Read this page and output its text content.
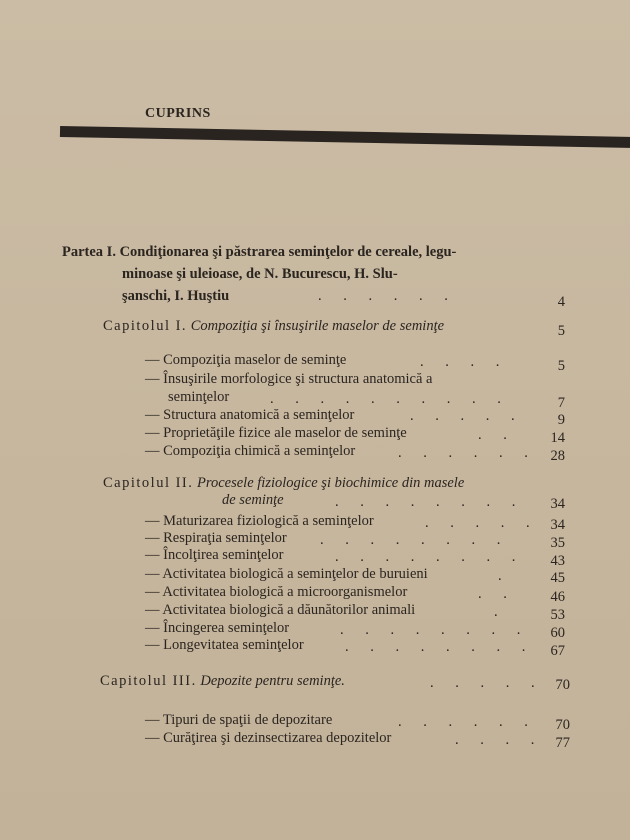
CUPRINS
Partea I. Condiţionarea şi păstrarea seminţelor de cereale, legu-
minoase şi uleioase, de N. Bucurescu, H. Slu-
şanschi, I. Huştiu	. . . . . .	4
Capitolul I. Compoziţia şi însuşirile maselor de seminţe	5
— Compoziţia maselor de seminţe	. . . .	5
— Însuşirile morfologice şi structura anatomică a
seminţelor	. . . . . . . . . .	7
— Structura anatomică a seminţelor	. . . . .	9
— Proprietăţile fizice ale maselor de seminţe	. .	14
— Compoziţia chimică a seminţelor	. . . . . . 28
Capitolul II. Procesele fiziologice şi biochimice din masele
de seminţe	. . . . . . . .	34
— Maturizarea fiziologică a seminţelor	. . . . . 34
— Respiraţia seminţelor . . . . . . . .	35
— Încolţirea seminţelor	. . . . . . . .	43
— Activitatea biologică a seminţelor de buruieni	.	45
— Activitatea biologică a microorganismelor	. .	46
— Activitatea biologică a dăunătorilor animali	.	53
— Încingerea seminţelor	. . . . . . . .	60
— Longevitatea seminţelor	. . . . . . . .	67
Capitolul III. Depozite pentru seminţe.	. . . . . 70
— Tipuri de spaţii de depozitare	. . . . . .	70
— Curăţirea şi dezinsectizarea depozitelor	. . . . 77
